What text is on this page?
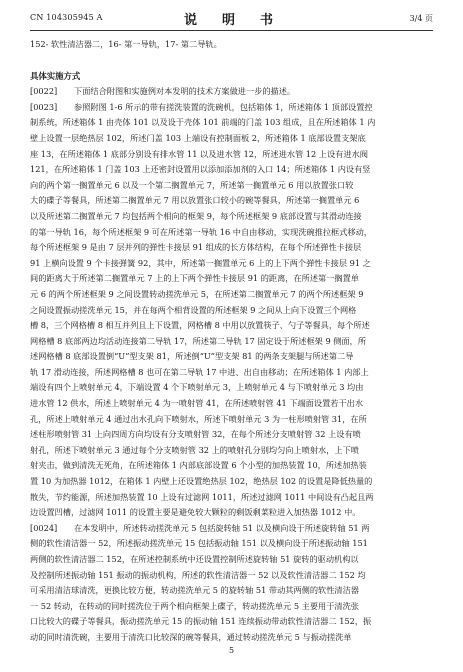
CN 104305945 A	说　明　书	3/4 页
152- 软性清洁器二，16- 第一导轨，17- 第二导轨。
具体实施方式
[0022] 下面结合附图和实施例对本发明的技术方案做进一步的描述。
[0023] 参照附图 1-6 所示的带有搓洗装置的洗碗机，包括箱体 1，所述箱体 1 顶部设置控
制系统，所述箱体 1 由壳体 101 以及设于壳体 101 前端的门盖 103 组成，且在所述箱体 1 内
壁上设置一层绝热层 102，所述门盖 103 上端设有控制面板 2，所述箱体 1 底部设置支架底
座 13，在所述箱体 1 底部分别设有排水管 11 以及进水管 12，所述进水管 12 上设有进水阀
121，在所述箱体 1 门盖 103 上还密封设置用以添加添加剂的入口 14；所述箱体 1 内设有竖
向的两个第一搁置单元 6 以及一个第二搁置单元 7，所述第一搁置单元 6 用以放置张口较
大的碟子等餐具，所述第二搁置单元 7 用以放置张口较小的碗等餐具，所述第一搁置单元 6
以及所述第二搁置单元 7 均包括两个相向的框架 9，每个所述框架 9 底部设置与其滑动连接
的第一导轨 16，每个所述框架 9 可在所述第一导轨 16 中自由移动，实现洗碗推拉框式移动，
每个所述框架 9 是由 7 层并列的弹性卡接层 91 组成的长方体结构，在每个所述弹性卡接层
91 上横向设置 9 个卡接弹簧 92，其中，所述第一搁置单元 6 上的上下两个弹性卡接层 91 之
间的距离大于所述第二搁置单元 7 上的上下两个弹性卡接层 91 的距离，在所述第一搁置单
元 6 的两个所述框架 9 之间设置转动搓洗单元 5，在所述第二搁置单元 7 的两个所述框架 9
之间设置振动搓洗单元 15，并在每两个相背设置的所述框架 9 之间从上向下设置三个网格
槽 8，三个网格槽 8 相互并列且上下设置，网格槽 8 中用以放置筷子、勺子等餐具，每个所述
网格槽 8 底部两边均活动连接第二导轨 17，所述第二导轨 17 固定设于所述框架 9 侧面，所
述网格槽 8 底部设置倒“U”型支架 81，所述倒“U”型支架 81 的两条支架腿与所述第二导
轨 17 滑动连接，所述网格槽 8 也可在第二导轨 17 中进、出自由移动；在所述箱体 1 内部上
端设有四个上喷射单元 4，下端设置 4 个下喷射单元 3，上喷射单元 4 与下喷射单元 3 均由
进水管 12 供水，所述上喷射单元 4 为一喷射管 41，在所述喷射管 41 下端面设置若干出水
孔，所述上喷射单元 4 通过出水孔向下喷射水，所述下喷射单元 3 为一柱形喷射管 31，在所
述柱形喷射管 31 上向四周方向均设有分支喷射管 32，在每个所述分支喷射管 32 上设有喷
射孔，所述下喷射单元 3 通过每个分支喷射管 32 上的喷射孔分别均匀向上喷射水，上下喷
射夹击，做到清洗无死角，在所述箱体 1 内部底部设置 6 个小型的加热装置 10，所述加热装
置 10 为加热器 1012，在箱体 1 内壁上还设置绝热层 102，绝热层 102 的设置是降低热量的
散失，节约能源，所述加热装置 10 上设有过滤网 1011，所述过滤网 1011 中间设有凸起且两
边设置凹槽，过滤网 1011 的设置主要是避免较大颗粒的剩饭剩菜粒进入加热器 1012 中。
[0024] 在本发明中，所述转动搓洗单元 5 包括旋转轴 51 以及横向设于所述旋转轴 51 两
侧的软性清洁器一 52，所述振动搓洗单元 15 包括振动轴 151 以及横向设于所述振动轴 151
两侧的软性清洁器二 152，在所述控制系统中还设置控制所述旋转轴 51 旋转的驱动机构以
及控制所述振动轴 151 振动的振动机构，所述的软性清洁器一 52 以及软性清洁器二 152 均
可采用清洁球清洗，更换比较方便，转动搓洗单元 5 的旋转轴 51 带动其两侧的软性清洁器
一 52 转动，在转动的同时搓洗位于两个相向框架上碟子，转动搓洗单元 5 主要用于清洗张
口比较大的碟子等餐具，振动搓洗单元 15 的振动轴 151 连续振动带动软性清洁器二 152，振
动的同时清洗碗，主要用于清洗口比较深的碗等餐具，通过转动搓洗单元 5 与振动搓洗单
5
